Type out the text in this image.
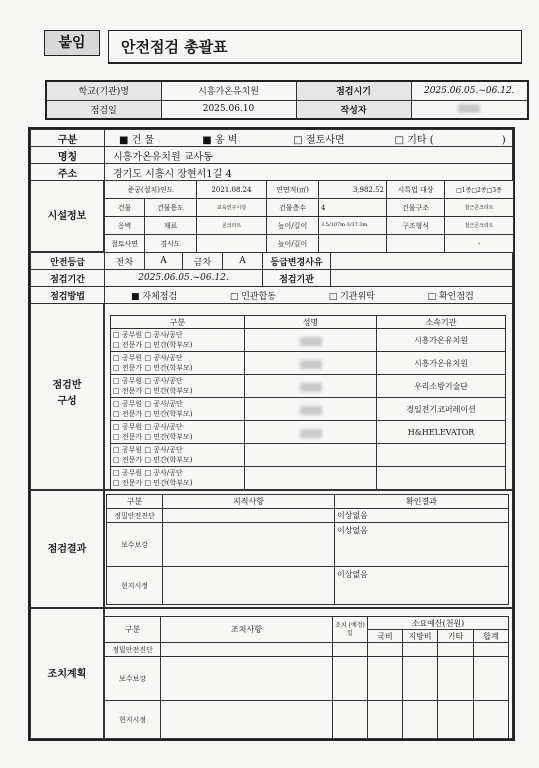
붙임	안전점검 총괄표
학교(기관)명	시흥가온유치원	점검시기	2025.06.05.~06.12.
점검일	2025.06.10	작성자	
구분	■ 건 물 ■ 옹 벽 □ 절토사면 □ 기타 ( )
명칭	시흥가온유치원 교사동
주소	경기도 시흥시 장현서1길 4
시설정보
준공(설치)연도		2021.08.24	연면적(㎡)	3,982.52	시특법 대상	□1종□2종□3종
건물	건물용도	교육연구시설	건물층수	4	건물구조	철근콘크리트
옹벽	재료	콘크리트	높이/길이	3.5/107m 3/37.3m	구조형식	철근콘크리트
절토사면	경사도		높이/길이			-
안전등급	전차	A	금차	A	등급변경사유	
점검기간	2025.06.05.~06.12.				점검기관	
점검방법	■ 자체점검 □ 민관합동 □ 기관위탁 □ 확인점검					
점검반 구성
구분	성명	소속기관
□ 공무원 □ 공사/공단
□ 전문가 □ 민간(학부모)		시흥가온유치원

□ 공무원 □ 공사/공단
□ 전문가 □ 민간(학부모)		시흥가온유치원

□ 공무원 □ 공사/공단
□ 전문가 □ 민간(학부모)		우리소방기술단

□ 공무원 □ 공사/공단
□ 전문가 □ 민간(학부모)		경일전기코퍼레이션

□ 공무원 □ 공사/공단
□ 전문가 □ 민간(학부모)		H&HELEVATOR

□ 공무원 □ 공사/공단
□ 전문가 □ 민간(학부모)		

□ 공무원 □ 공사/공단
□ 전문가 □ 민간(학부모)		

점검결과
구분	지적사항	확인결과
정밀안전진단		이상없음
보수보강		이상없음
현지시정		이상없음
조치계획
구분	조치사항	조치 (예정)일	소요예산(천원)			
			국비	지방비	기타	합계
정밀안전진단						
보수보강						
현지시정						
